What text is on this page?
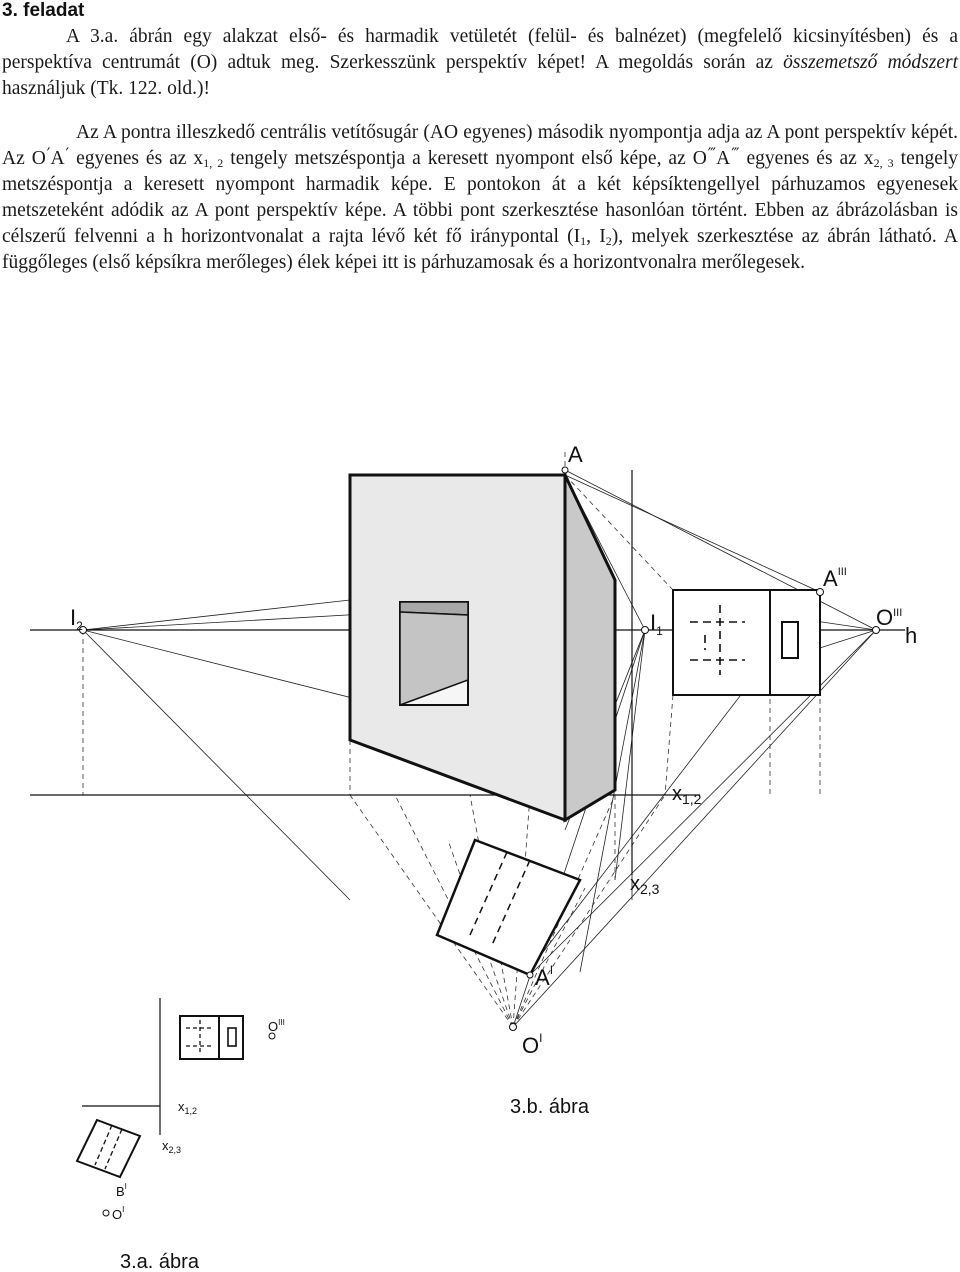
3. feladat

A 3.a. ábrán egy alakzat első- és harmadik vetületét (felül- és balnézet) (megfelelő kicsinyítésben) és a perspektíva centrumát (O) adtuk meg. Szerkesszünk perspektív képet! A megoldás során az összemetsző módszert használjuk (Tk. 122. old.)!

Az A pontra illeszkedő centrális vetítősugár (AO egyenes) második nyompontja adja az A pont perspektív képét. Az O′A′ egyenes és az $x_{1, 2}$ tengely metszéspontja a keresett nyompont első képe, az O‴A‴ egyenes és az $x_{2, 3}$ tengely metszéspontja a keresett nyompont harmadik képe. E pontokon át a két képsíktengellyel párhuzamos egyenesek metszeteként adódik az A pont perspektív képe. A többi pont szerkesztése hasonlóan történt. Ebben az ábrázolásban is célszerű felvenni a h horizontvonalat a rajta lévő két fő iránypontal ($I_1$, $I_2$), melyek szerkesztése az ábrán látható. A függőleges (első képsíkra merőleges) élek képei itt is párhuzamosak és a horizontvonalra merőlegesek.

A
$A^{III}$
$I_2$	$I_1$
$O^{III}$
h
$x_{1,2}$
$x_{2,3}$
$A^I$
$O^I$
3.b. ábra
$O^{III}$
$x_{1,2}$
$x_{2,3}$
$B^I$
$O^I$
3.a. ábra
